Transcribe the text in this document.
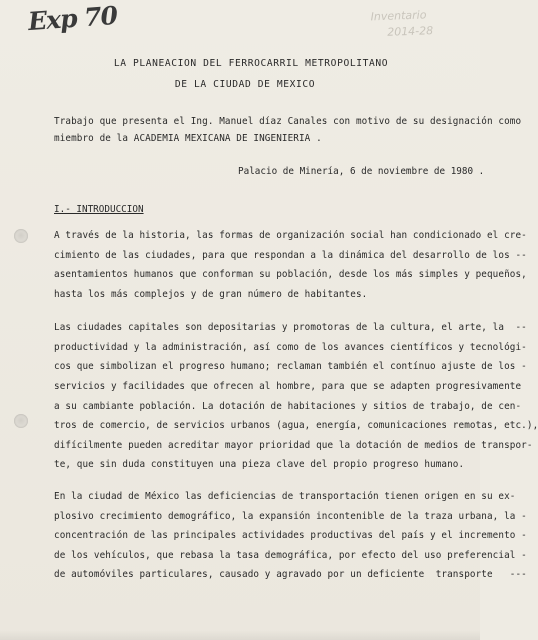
Exp 70	Inventario
2014-28
LA PLANEACION DEL FERROCARRIL METROPOLITANO
DE LA CIUDAD DE MEXICO
Trabajo que presenta el Ing. Manuel díaz Canales con motivo de su designación como
miembro de la ACADEMIA MEXICANA DE INGENIERIA .
Palacio de Minería, 6 de noviembre de 1980 .
I.- INTRODUCCION
A través de la historia, las formas de organización social han condicionado el cre-
cimiento de las ciudades, para que respondan a la dinámica del desarrollo de los --
asentamientos humanos que conforman su población, desde los más simples y pequeños,
hasta los más complejos y de gran número de habitantes.
Las ciudades capitales son depositarias y promotoras de la cultura, el arte, la  --
productividad y la administración, así como de los avances científicos y tecnológi-
cos que simbolizan el progreso humano; reclaman también el contínuo ajuste de los -
servicios y facilidades que ofrecen al hombre, para que se adapten progresivamente
a su cambiante población. La dotación de habitaciones y sitios de trabajo, de cen-
tros de comercio, de servicios urbanos (agua, energía, comunicaciones remotas, etc.),
difícilmente pueden acreditar mayor prioridad que la dotación de medios de transpor-
te, que sin duda constituyen una pieza clave del propio progreso humano.
En la ciudad de México las deficiencias de transportación tienen origen en su ex-
plosivo crecimiento demográfico, la expansión incontenible de la traza urbana, la -
concentración de las principales actividades productivas del país y el incremento -
de los vehículos, que rebasa la tasa demográfica, por efecto del uso preferencial -
de automóviles particulares, causado y agravado por un deficiente  transporte   ---
